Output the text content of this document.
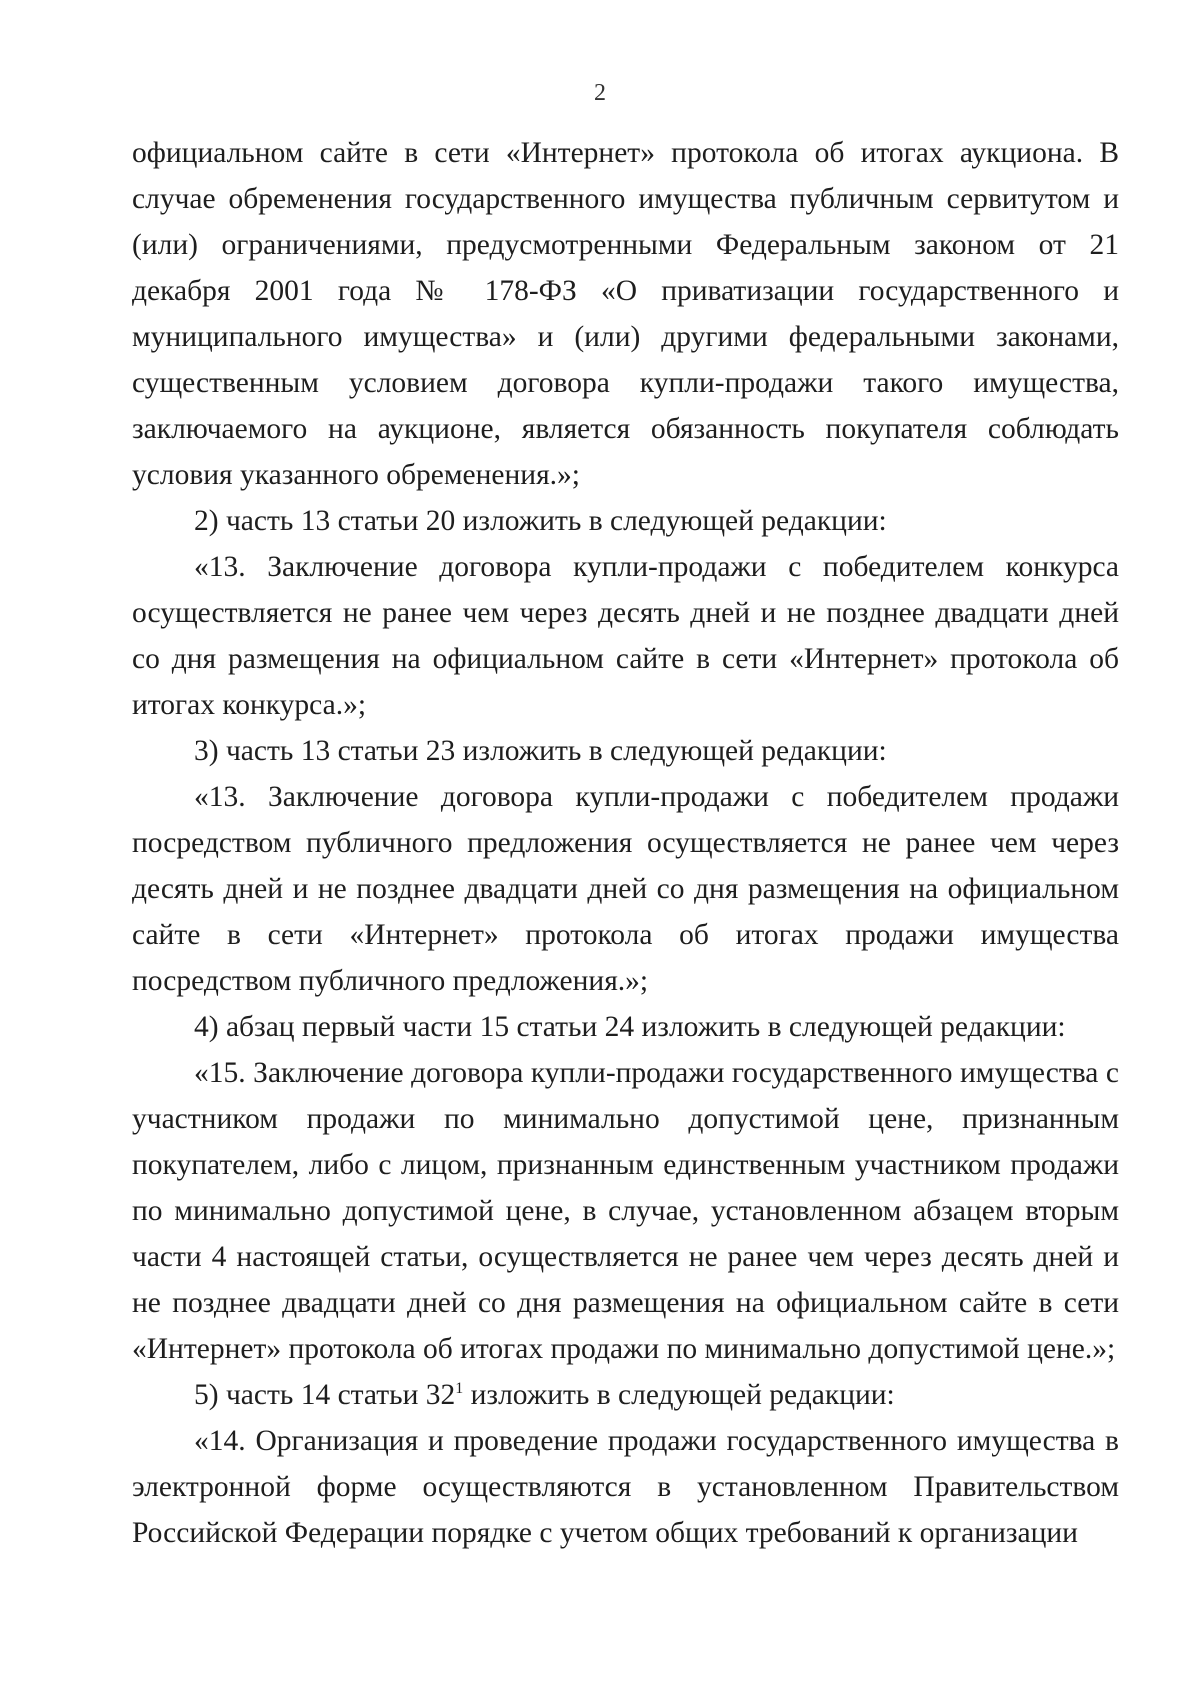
2

официальном сайте в сети «Интернет» протокола об итогах аукциона. В случае обременения государственного имущества публичным сервитутом и (или) ограничениями, предусмотренными Федеральным законом от 21 декабря 2001 года № 178-ФЗ «О приватизации государственного и муниципального имущества» и (или) другими федеральными законами, существенным условием договора купли-продажи такого имущества, заключаемого на аукционе, является обязанность покупателя соблюдать условия указанного обременения.»;

2) часть 13 статьи 20 изложить в следующей редакции:

«13. Заключение договора купли-продажи с победителем конкурса осуществляется не ранее чем через десять дней и не позднее двадцати дней со дня размещения на официальном сайте в сети «Интернет» протокола об итогах конкурса.»;

3) часть 13 статьи 23 изложить в следующей редакции:

«13. Заключение договора купли-продажи с победителем продажи посредством публичного предложения осуществляется не ранее чем через десять дней и не позднее двадцати дней со дня размещения на официальном сайте в сети «Интернет» протокола об итогах продажи имущества посредством публичного предложения.»;

4) абзац первый части 15 статьи 24 изложить в следующей редакции:

«15. Заключение договора купли-продажи государственного имущества с участником продажи по минимально допустимой цене, признанным покупателем, либо с лицом, признанным единственным участником продажи по минимально допустимой цене, в случае, установленном абзацем вторым части 4 настоящей статьи, осуществляется не ранее чем через десять дней и не позднее двадцати дней со дня размещения на официальном сайте в сети «Интернет» протокола об итогах продажи по минимально допустимой цене.»;

5) часть 14 статьи $32^1$ изложить в следующей редакции:

«14. Организация и проведение продажи государственного имущества в электронной форме осуществляются в установленном Правительством Российской Федерации порядке с учетом общих требований к организации
